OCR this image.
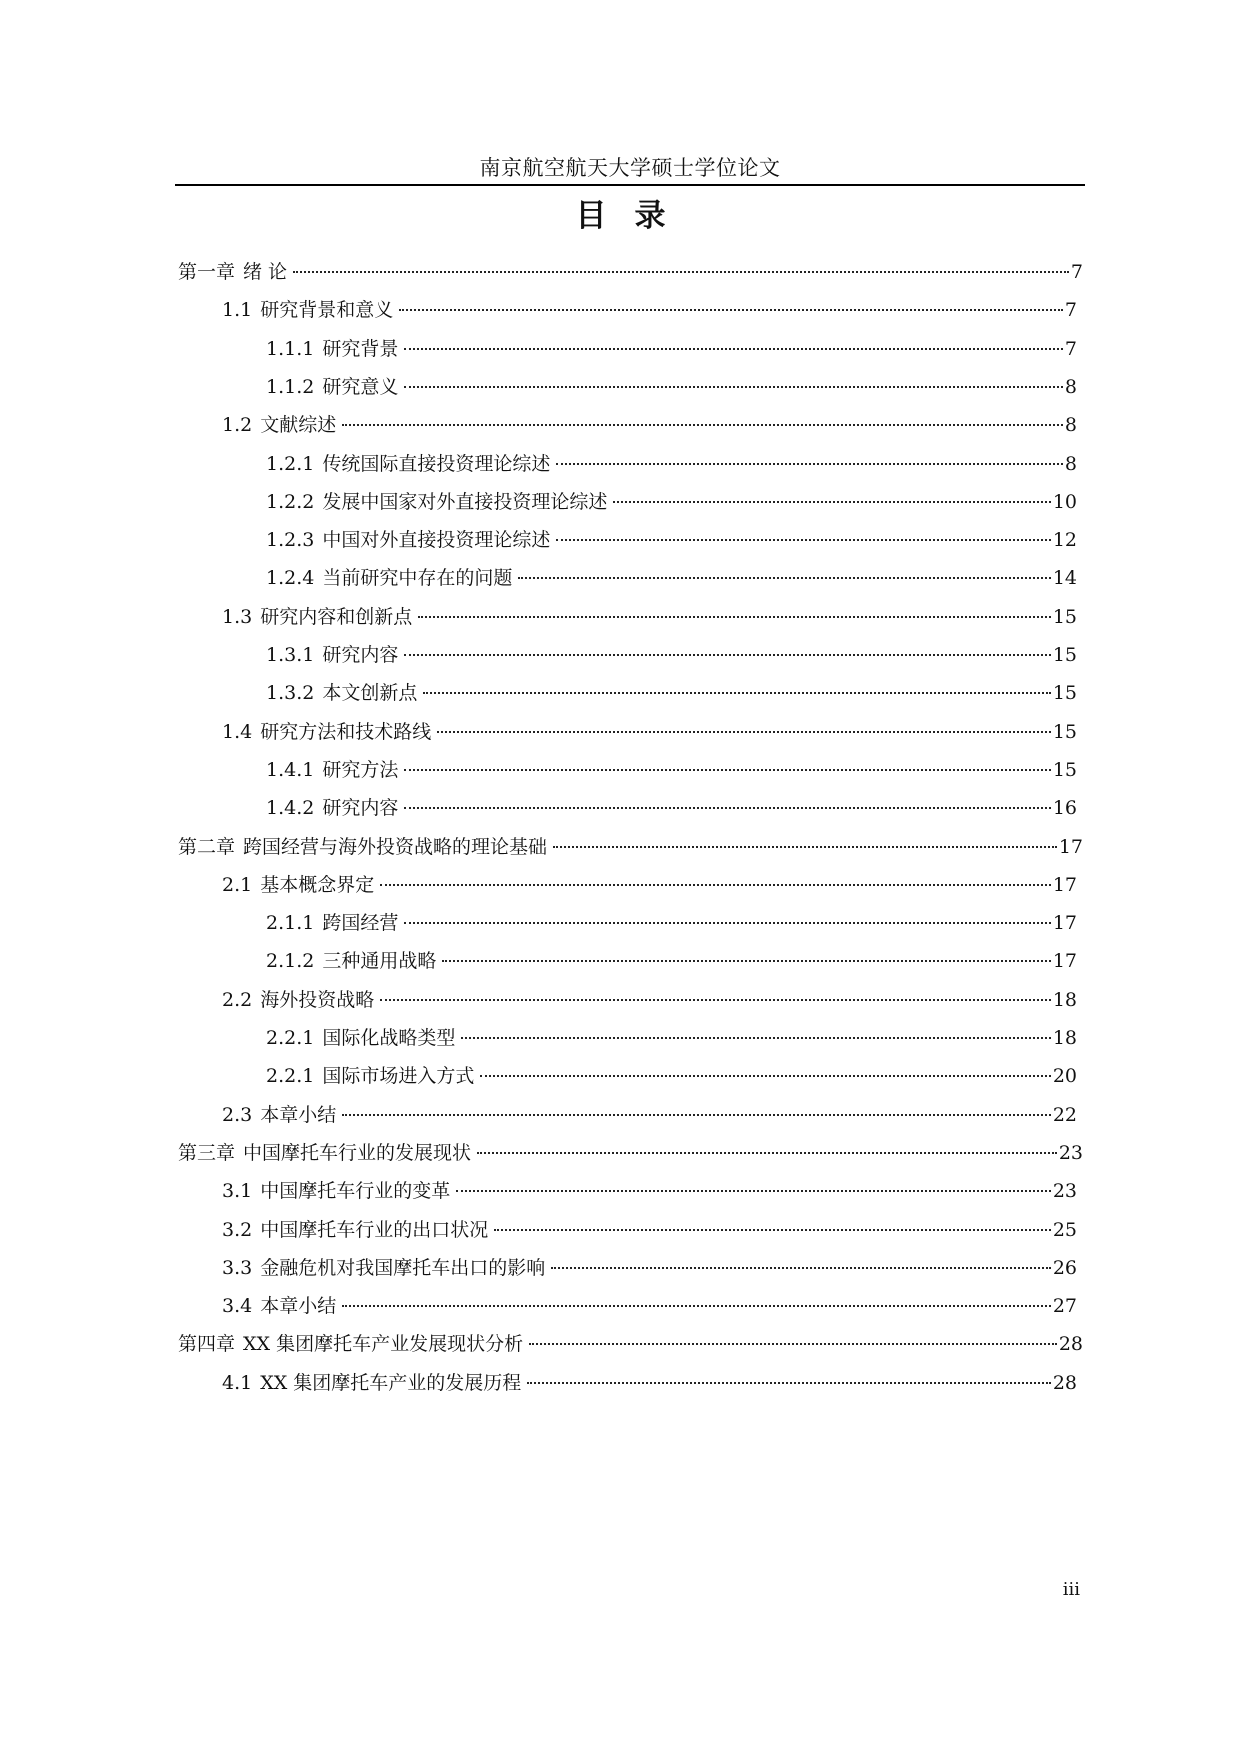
南京航空航天大学硕士学位论文
目录
第一章 绪 论	7
1.1 研究背景和意义	7
1.1.1 研究背景	7
1.1.2 研究意义	8
1.2 文献综述	8
1.2.1 传统国际直接投资理论综述	8
1.2.2 发展中国家对外直接投资理论综述	10
1.2.3 中国对外直接投资理论综述	12
1.2.4 当前研究中存在的问题	14
1.3 研究内容和创新点	15
1.3.1 研究内容	15
1.3.2 本文创新点	15
1.4 研究方法和技术路线	15
1.4.1 研究方法	15
1.4.2 研究内容	16
第二章 跨国经营与海外投资战略的理论基础	17
2.1 基本概念界定	17
2.1.1 跨国经营	17
2.1.2 三种通用战略	17
2.2 海外投资战略	18
2.2.1 国际化战略类型	18
2.2.1 国际市场进入方式	20
2.3 本章小结	22
第三章 中国摩托车行业的发展现状	23
3.1 中国摩托车行业的变革	23
3.2 中国摩托车行业的出口状况	25
3.3 金融危机对我国摩托车出口的影响	26
3.4 本章小结	27
第四章 XX 集团摩托车产业发展现状分析	28
4.1 XX 集团摩托车产业的发展历程	28
iii
